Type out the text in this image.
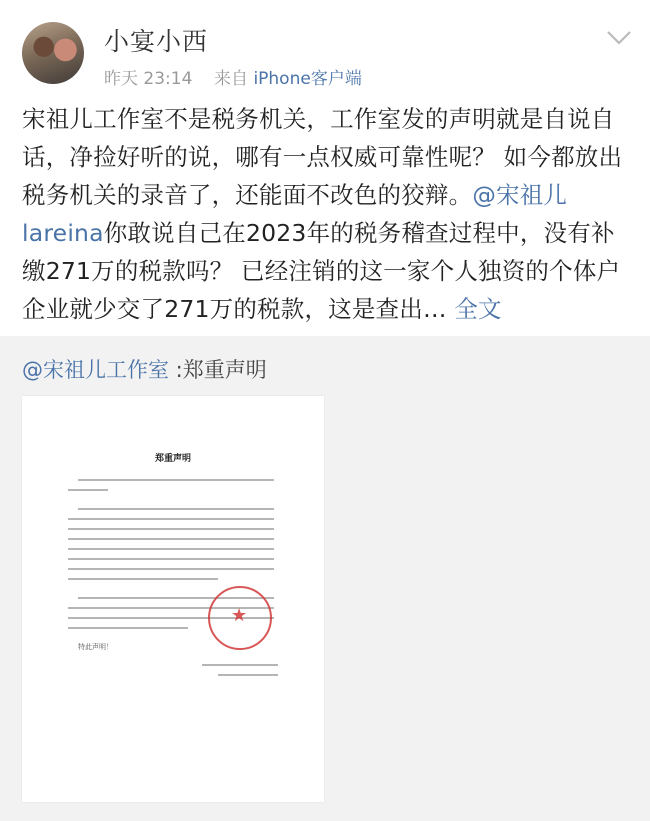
小宴小西
昨天 23:14 来自 iPhone客户端
宋祖儿工作室不是税务机关，工作室发的声明就是自说自话，净捡好听的说，哪有一点权威可靠性呢？ 如今都放出税务机关的录音了，还能面不改色的狡辩。@宋祖儿lareina你敢说自己在2023年的税务稽查过程中，没有补缴271万的税款吗？ 已经注销的这一家个人独资的个体户企业就少交了271万的税款，这是查出… 全文
@宋祖儿工作室 :郑重声明
郑重声明
特此声明！
★
